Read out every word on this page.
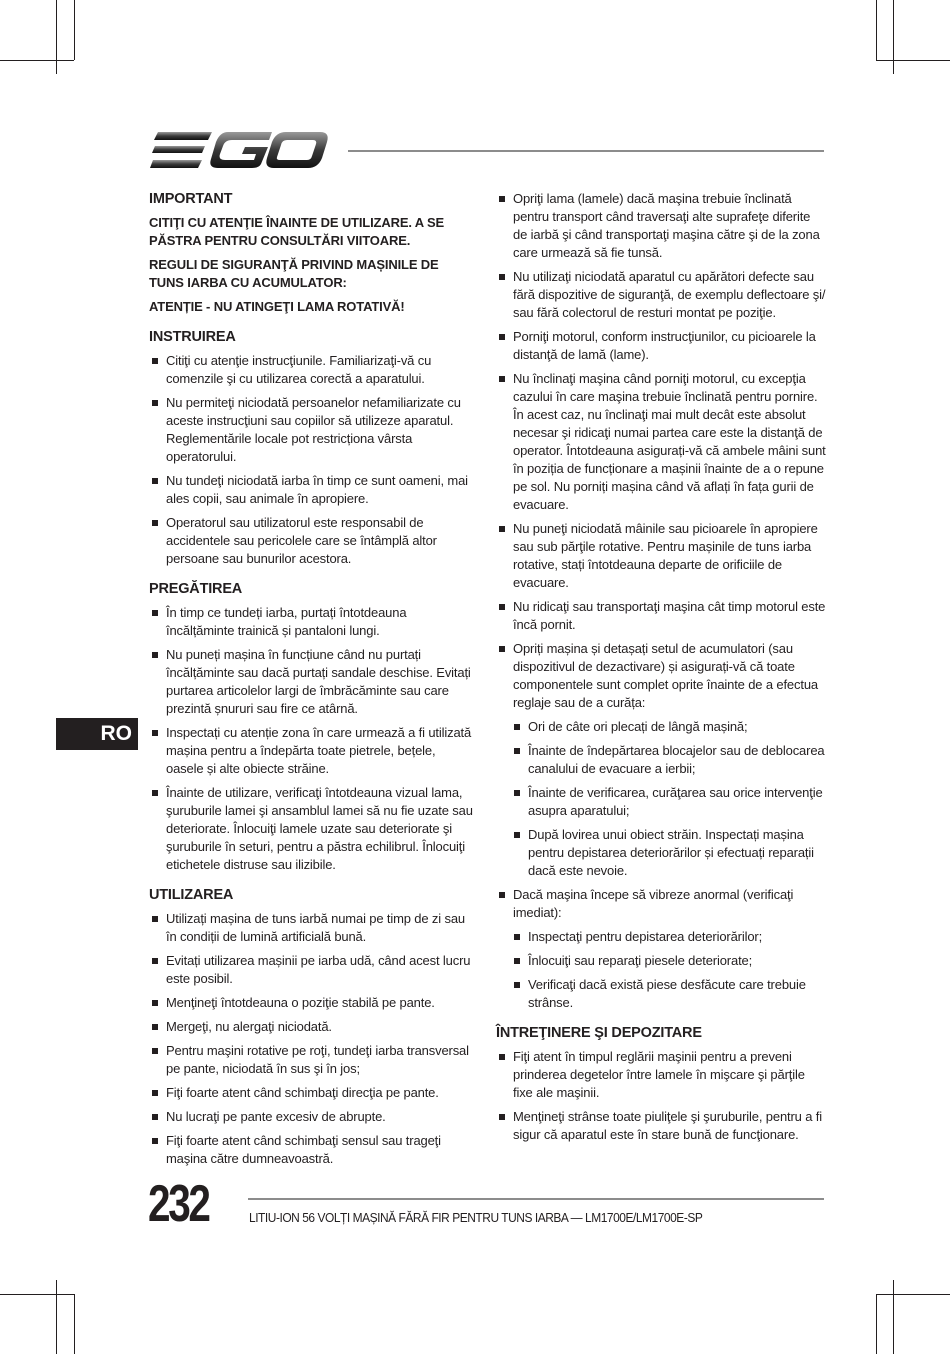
RO
IMPORTANT

CITIŢI CU ATENŢIE ÎNAINTE DE UTILIZARE. A SE PĂSTRA PENTRU CONSULTĂRI VIITOARE.

REGULI DE SIGURANŢĂ PRIVIND MAȘINILE DE TUNS IARBA CU ACUMULATOR:

ATENȚIE - NU ATINGEŢI LAMA ROTATIVĂ!

INSTRUIREA
Citiţi cu atenţie instrucţiunile. Familiarizaţi-vă cu comenzile şi cu utilizarea corectă a aparatului.
Nu permiteţi niciodată persoanelor nefamiliarizate cu aceste instrucţiuni sau copiilor să utilizeze aparatul. Reglementările locale pot restricționa vârsta operatorului.
Nu tundeţi niciodată iarba în timp ce sunt oameni, mai ales copii, sau animale în apropiere.
Operatorul sau utilizatorul este responsabil de accidentele sau pericolele care se întâmplă altor persoane sau bunurilor acestora.
PREGĂTIREA
În timp ce tundeți iarba, purtați întotdeauna încălțăminte trainică și pantaloni lungi.
Nu puneți mașina în funcțiune când nu purtați încălțăminte sau dacă purtați sandale deschise. Evitați purtarea articolelor largi de îmbrăcăminte sau care prezintă șnururi sau fire ce atârnă.
Inspectați cu atenție zona în care urmează a fi utilizată mașina pentru a îndepărta toate pietrele, bețele, oasele și alte obiecte străine.
Înainte de utilizare, verificaţi întotdeauna vizual lama, şuruburile lamei şi ansamblul lamei să nu fie uzate sau deteriorate. Înlocuiţi lamele uzate sau deteriorate şi şuruburile în seturi, pentru a păstra echilibrul. Înlocuiţi etichetele distruse sau ilizibile.
UTILIZAREA
Utilizați mașina de tuns iarbă numai pe timp de zi sau în condiții de lumină artificială bună.
Evitați utilizarea mașinii pe iarba udă, când acest lucru este posibil.
Menţineţi întotdeauna o poziţie stabilă pe pante.
Mergeţi, nu alergaţi niciodată.
Pentru maşini rotative pe roţi, tundeţi iarba transversal pe pante, niciodată în sus şi în jos;
Fiţi foarte atent când schimbaţi direcţia pe pante.
Nu lucraţi pe pante excesiv de abrupte.
Fiţi foarte atent când schimbaţi sensul sau trageţi maşina către dumneavoastră.
Opriţi lama (lamele) dacă maşina trebuie înclinată pentru transport când traversaţi alte suprafeţe diferite de iarbă şi când transportaţi maşina către şi de la zona care urmează să fie tunsă.
Nu utilizaţi niciodată aparatul cu apărători defecte sau fără dispozitive de siguranţă, de exemplu deflectoare şi/ sau fără colectorul de resturi montat pe poziţie.
Porniţi motorul, conform instrucţiunilor, cu picioarele la distanţă de lamă (lame).
Nu înclinaţi maşina când porniţi motorul, cu excepţia cazului în care maşina trebuie înclinată pentru pornire. În acest caz, nu înclinaţi mai mult decât este absolut necesar şi ridicaţi numai partea care este la distanţă de operator. Întotdeauna asigurați-vă că ambele mâini sunt în poziția de funcționare a mașinii înainte de a o repune pe sol. Nu porniți mașina când vă aflați în fața gurii de evacuare.
Nu puneţi niciodată mâinile sau picioarele în apropiere sau sub părţile rotative. Pentru mașinile de tuns iarba rotative, stați întotdeauna departe de orificiile de evacuare.
Nu ridicaţi sau transportaţi maşina cât timp motorul este încă pornit.
Opriți mașina și detașați setul de acumulatori (sau dispozitivul de dezactivare) și asigurați-vă că toate componentele sunt complet oprite înainte de a efectua reglaje sau de a curăța:
Ori de câte ori plecați de lângă mașină;
Înainte de îndepărtarea blocajelor sau de deblocarea canalului de evacuare a ierbii;
Înainte de verificarea, curăţarea sau orice intervenţie asupra aparatului;
După lovirea unui obiect străin. Inspectați mașina pentru depistarea deteriorărilor și efectuați reparații dacă este nevoie.
Dacă maşina începe să vibreze anormal (verificaţi imediat):
Inspectaţi pentru depistarea deteriorărilor;
Înlocuiţi sau reparaţi piesele deteriorate;
Verificaţi dacă există piese desfăcute care trebuie strânse.
ÎNTREŢINERE ŞI DEPOZITARE
Fiţi atent în timpul reglării maşinii pentru a preveni prinderea degetelor între lamele în mişcare şi părţile fixe ale maşinii.
Menţineţi strânse toate piuliţele şi şuruburile, pentru a fi sigur că aparatul este în stare bună de funcţionare.
232	LITIU-ION 56 VOLȚI MAȘINĂ FĂRĂ FIR PENTRU TUNS IARBA — LM1700E/LM1700E-SP
